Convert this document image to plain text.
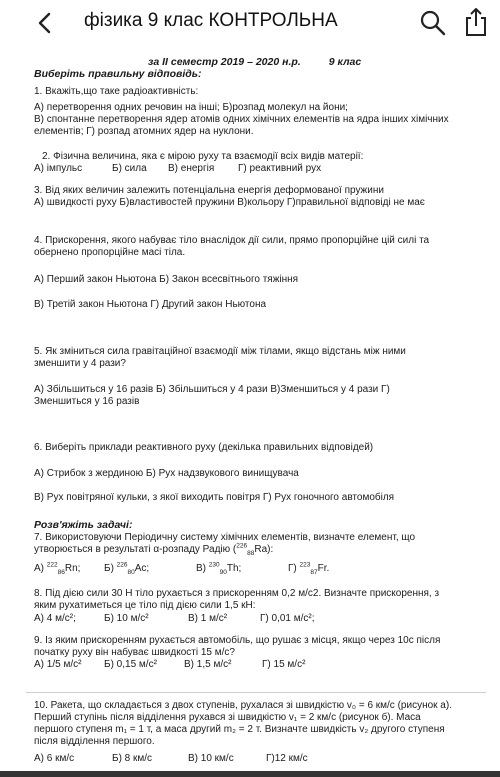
фізика 9 клас КОНТРОЛЬНА
за ІІ семестр 2019 – 2020 н.р.	9 клас
Виберіть правильну відповідь:
1. Вкажіть,що таке радіоактивність:
А) перетворення одних речовин на інші; Б)розпад молекул на йони;
В) спонтанне перетворення ядер атомів одних хімічних елементів на ядра інших хімічних
елементів; Г) розпад атомних ядер на нуклони.
2. Фізична величина, яка є мірою руху та взаємодії всіх видів матерії:
А) імпульс	Б) сила В) енергія Г) реактивний рух
3. Від яких величин залежить потенціальна енергія деформованої пружини
А) швидкості руху Б)властивостей пружини В)кольору Г)правильної відповіді не має
4. Прискорення, якого набуває тіло внаслідок дії сили, прямо пропорційне цій силі та
обернено пропорційне масі тіла.
А) Перший закон Ньютона Б) Закон всесвітнього тяжіння
В) Третій закон Ньютона Г) Другий закон Ньютона
5. Як зміниться сила гравітаційної взаємодії між тілами, якщо відстань між ними
зменшити у 4 рази?
А) Збільшиться у 16 разів Б) Збільшиться у 4 рази В)Зменшиться у 4 рази Г)
Зменшиться у 16 разів
6. Виберіть приклади реактивного руху (декілька правильних відповідей)
А) Стрибок з жердиною Б) Рух надзвукового винищувача
В) Рух повітряної кульки, з якої виходить повітря Г) Рух гоночного автомобіля
Розв'яжіть задачі:
7. Використовуючи Періодичну систему хімічних елементів, визначте елемент, що
утворюється в результаті α-розпаду Радію ($^{226}_{88}$Ra):
А) $^{222}_{86}$Rn; Б) $^{226}_{80}$Ac;	В) $^{230}_{90}$Th;	Г) $^{223}_{87}$Fr.
8. Під дією сили 30 Н тіло рухається з прискоренням 0,2 м/с2. Визначте прискорення, з
яким рухатиметься це тіло під дією сили 1,5 кН:
А) 4 м/с²;	Б) 10 м/с²	В) 1 м/с²	Г) 0,01 м/с²;
9. Із яким прискоренням рухається автомобіль, що рушає з місця, якщо через 10с після
початку руху він набуває швидкості 15 м/с?
А) 1/5 м/с² Б) 0,15 м/с²	В) 1,5 м/с²	Г) 15 м/с²
10. Ракета, що складається з двох ступенів, рухалася зі швидкістю v₀ = 6 км/с (рисунок а).
Перший ступінь після відділення рухався зі швидкістю v₁ = 2 км/с (рисунок б). Маса
першого ступеня m₁ = 1 т, а маса другий m₂ = 2 т. Визначте швидкість v₂ другого ступеня
після відділення першого.
А) 6 км/с	Б) 8 км/с	В) 10 км/с	Г)12 км/с
